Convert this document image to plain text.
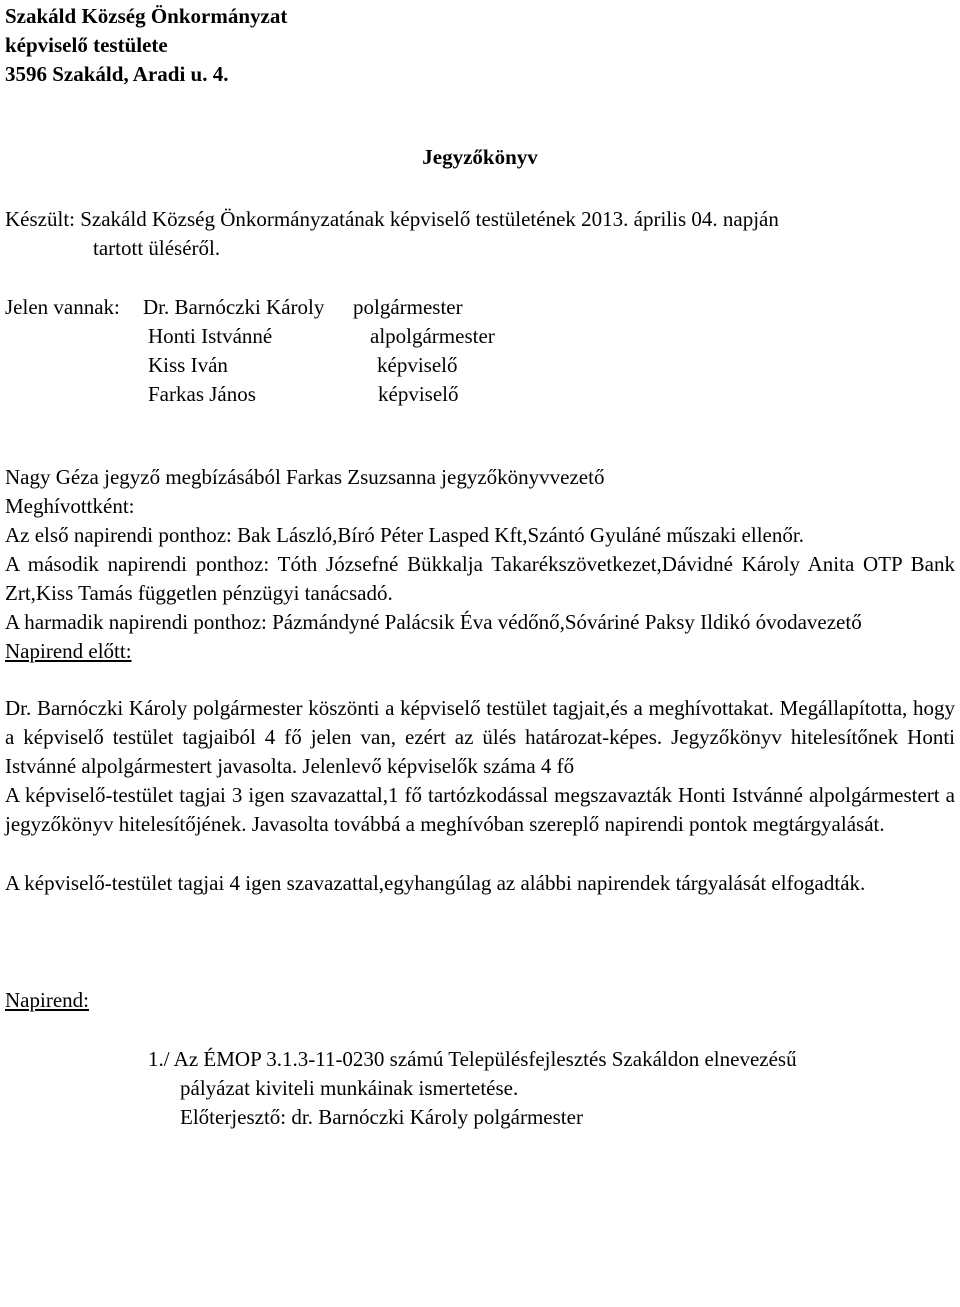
Szakáld Község Önkormányzat
képviselő testülete
3596 Szakáld, Aradi u. 4.
Jegyzőkönyv
Készült: Szakáld Község Önkormányzatának képviselő testületének 2013. április 04. napján
tartott üléséről.
Jelen vannak: Dr. Barnóczki Károly polgármester
Honti Istvánné	alpolgármester
Kiss Iván	képviselő
Farkas János	képviselő
Nagy Géza jegyző megbízásából Farkas Zsuzsanna jegyzőkönyvvezető
Meghívottként:
Az első napirendi ponthoz: Bak László,Bíró Péter Lasped Kft,Szántó Gyuláné műszaki ellenőr.
A második napirendi ponthoz: Tóth Józsefné Bükkalja Takarékszövetkezet,Dávidné Károly Anita OTP Bank Zrt,Kiss Tamás független pénzügyi tanácsadó.
A harmadik napirendi ponthoz: Pázmándyné Palácsik Éva védőnő,Sóváriné Paksy Ildikó óvodavezető
Napirend előtt:
Dr. Barnóczki Károly polgármester köszönti a képviselő testület tagjait,és a meghívottakat. Megállapította, hogy a képviselő testület tagjaiból 4 fő jelen van, ezért az ülés határozat-képes. Jegyzőkönyv hitelesítőnek Honti Istvánné alpolgármestert javasolta. Jelenlevő képviselők száma 4 fő
A képviselő-testület tagjai 3 igen szavazattal,1 fő tartózkodással megszavazták Honti Istvánné alpolgármestert a jegyzőkönyv hitelesítőjének. Javasolta továbbá a meghívóban szereplő napirendi pontok megtárgyalását.
A képviselő-testület tagjai 4 igen szavazattal,egyhangúlag az alábbi napirendek tárgyalását elfogadták.
Napirend:
1./ Az ÉMOP 3.1.3-11-0230 számú Településfejlesztés Szakáldon elnevezésű
pályázat kiviteli munkáinak ismertetése.
Előterjesztő: dr. Barnóczki Károly polgármester
